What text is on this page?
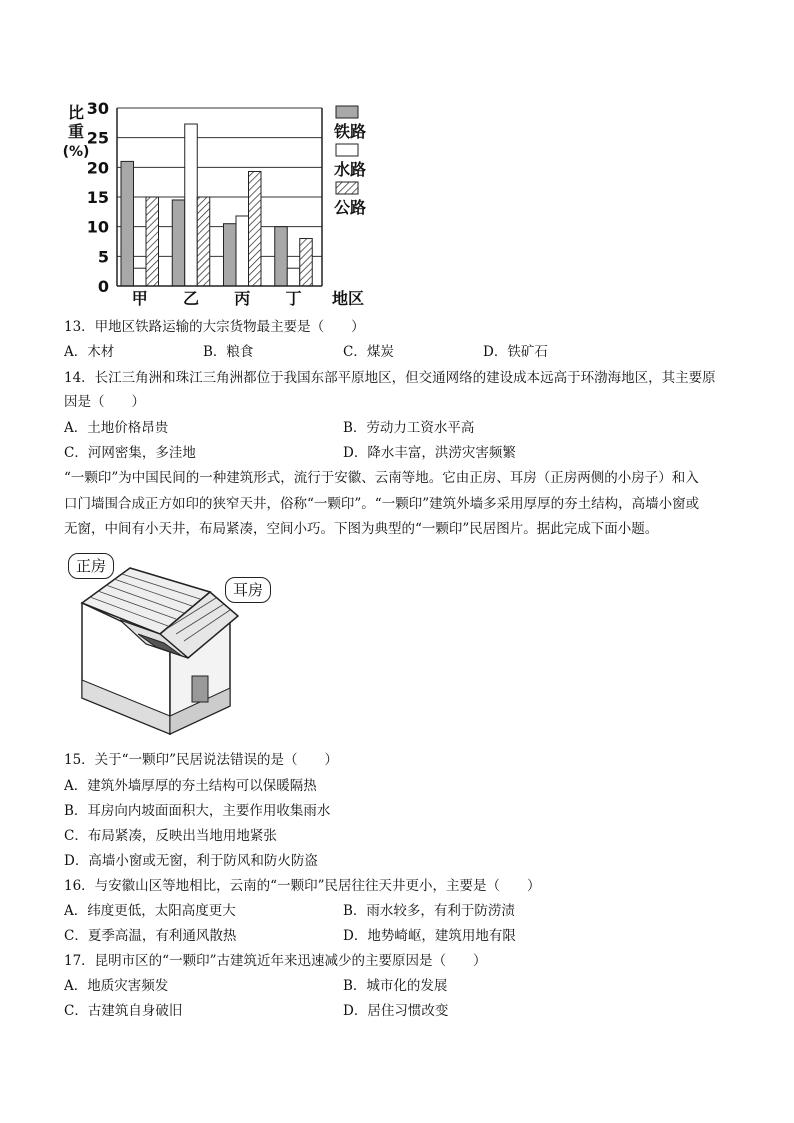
0
5
10
15
20
25
30
比
重
(%)
甲 乙 丙 丁 地区
铁路
水路
公路
13．甲地区铁路运输的大宗货物最主要是（　　）
A．木材	B．粮食	C．煤炭	D．铁矿石
14．长江三角洲和珠江三角洲都位于我国东部平原地区，但交通网络的建设成本远高于环渤海地区，其主要原
因是（　　）
A．土地价格昂贵	B．劳动力工资水平高
C．河网密集，多洼地	D．降水丰富，洪涝灾害频繁
“一颗印”为中国民间的一种建筑形式，流行于安徽、云南等地。它由正房、耳房（正房两侧的小房子）和入
口门墙围合成正方如印的狭窄天井，俗称“一颗印”。“一颗印”建筑外墙多采用厚厚的夯土结构，高墙小窗或
无窗，中间有小天井，布局紧凑，空间小巧。下图为典型的“一颗印”民居图片。据此完成下面小题。
正房
耳房
15．关于“一颗印”民居说法错误的是（　　）
A．建筑外墙厚厚的夯土结构可以保暖隔热
B．耳房向内坡面面积大，主要作用收集雨水
C．布局紧凑，反映出当地用地紧张
D．高墙小窗或无窗，利于防风和防火防盗
16．与安徽山区等地相比，云南的“一颗印”民居往往天井更小，主要是（　　）
A．纬度更低，太阳高度更大	B．雨水较多，有利于防涝渍
C．夏季高温，有利通风散热	D．地势崎岖，建筑用地有限
17．昆明市区的“一颗印”古建筑近年来迅速减少的主要原因是（　　）
A．地质灾害频发	B．城市化的发展
C．古建筑自身破旧	D．居住习惯改变
